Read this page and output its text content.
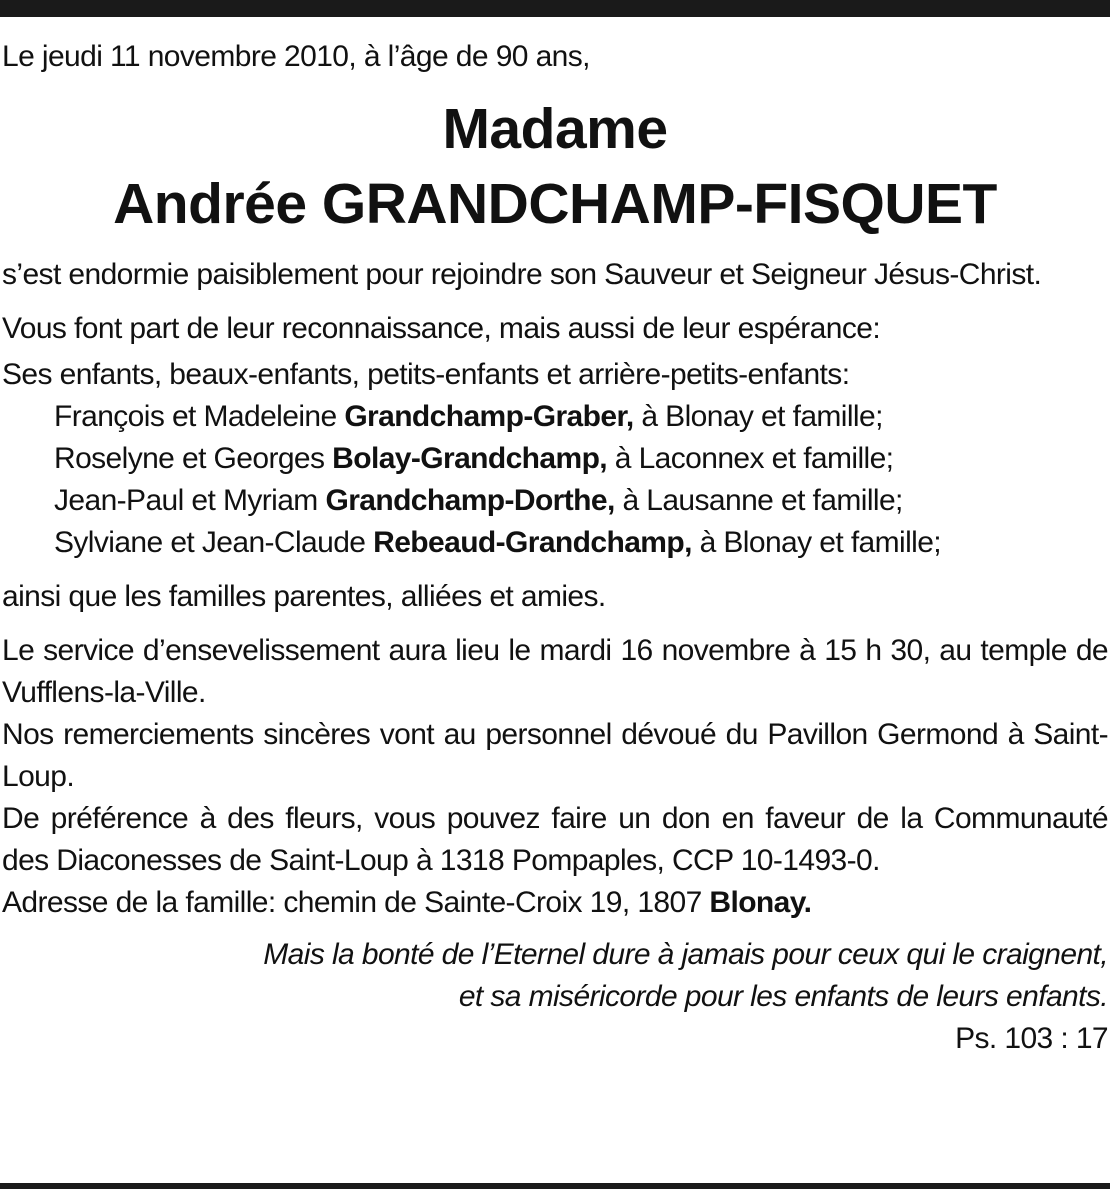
Le jeudi 11 novembre 2010, à l’âge de 90 ans,

Madame
Andrée GRANDCHAMP-FISQUET

s’est endormie paisiblement pour rejoindre son Sauveur et Seigneur Jésus-Christ.

Vous font part de leur reconnaissance, mais aussi de leur espérance:

Ses enfants, beaux-enfants, petits-enfants et arrière-petits-enfants:

François et Madeleine Grandchamp-Graber, à Blonay et famille;
Roselyne et Georges Bolay-Grandchamp, à Laconnex et famille;
Jean-Paul et Myriam Grandchamp-Dorthe, à Lausanne et famille;
Sylviane et Jean-Claude Rebeaud-Grandchamp, à Blonay et famille;

ainsi que les familles parentes, alliées et amies.

Le service d’ensevelissement aura lieu le mardi 16 novembre à 15 h 30, au temple de Vufflens-la-Ville.

Nos remerciements sincères vont au personnel dévoué du Pavillon Germond à Saint-Loup.

De préférence à des fleurs, vous pouvez faire un don en faveur de la Communauté des Diaconesses de Saint-Loup à 1318 Pompaples, CCP 10-1493-0.

Adresse de la famille: chemin de Sainte-Croix 19, 1807 Blonay.

Mais la bonté de l’Eternel dure à jamais pour ceux qui le craignent,
et sa miséricorde pour les enfants de leurs enfants.
Ps. 103 : 17
